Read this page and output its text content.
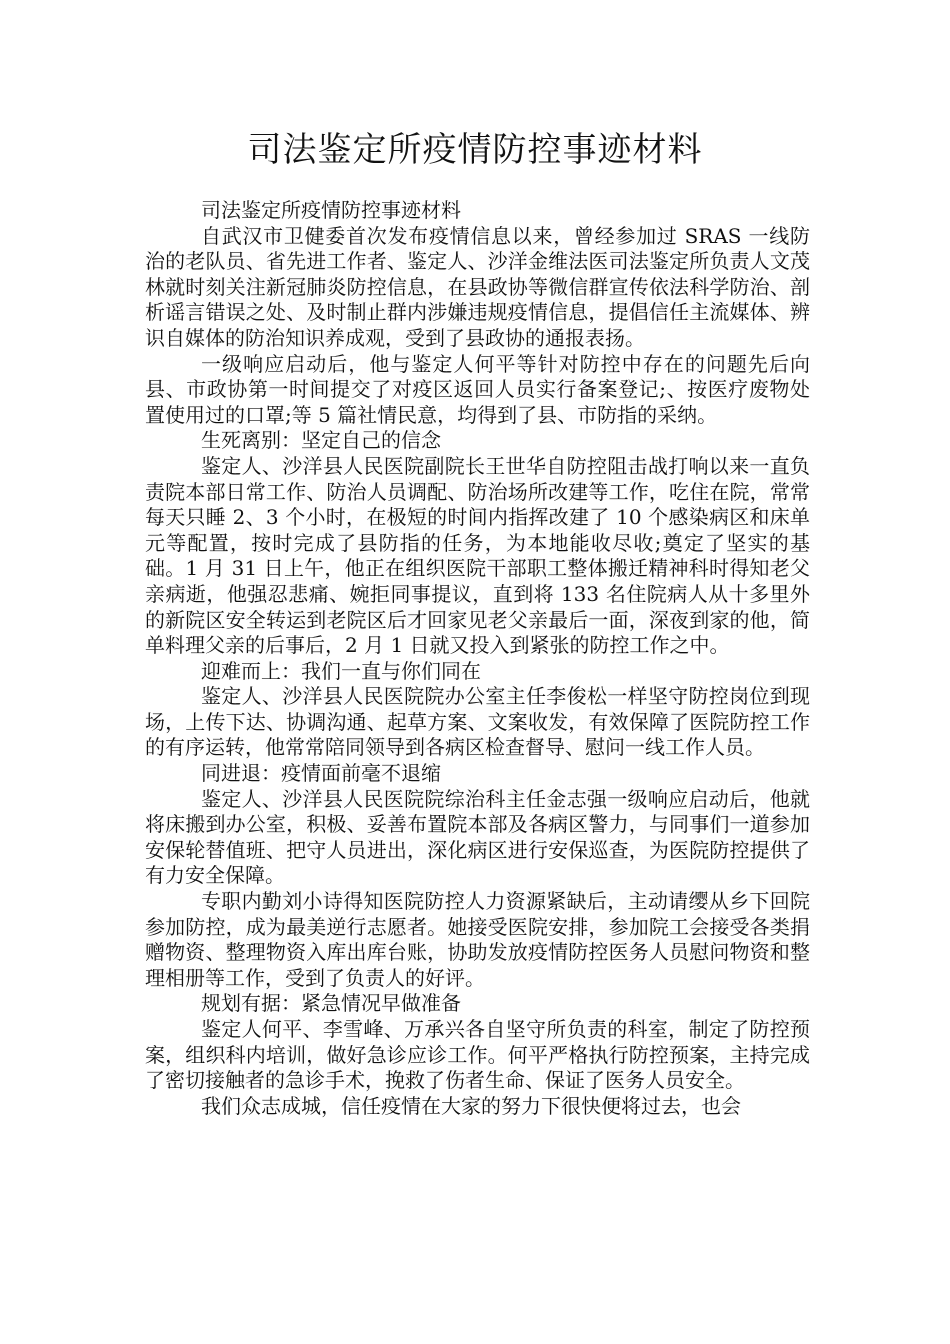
司法鉴定所疫情防控事迹材料

司法鉴定所疫情防控事迹材料

自武汉市卫健委首次发布疫情信息以来，曾经参加过 SRAS 一线防治的老队员、省先进工作者、鉴定人、沙洋金维法医司法鉴定所负责人文茂林就时刻关注新冠肺炎防控信息，在县政协等微信群宣传依法科学防治、剖析谣言错误之处、及时制止群内涉嫌违规疫情信息，提倡信任主流媒体、辨识自媒体的防治知识养成观，受到了县政协的通报表扬。

一级响应启动后，他与鉴定人何平等针对防控中存在的问题先后向县、市政协第一时间提交了对疫区返回人员实行备案登记;、按医疗废物处置使用过的口罩;等 5 篇社情民意，均得到了县、市防指的采纳。

生死离别：坚定自己的信念

鉴定人、沙洋县人民医院副院长王世华自防控阻击战打响以来一直负责院本部日常工作、防治人员调配、防治场所改建等工作，吃住在院，常常每天只睡 2、3 个小时，在极短的时间内指挥改建了 10 个感染病区和床单元等配置，按时完成了县防指的任务，为本地能收尽收;奠定了坚实的基础。1 月 31 日上午，他正在组织医院干部职工整体搬迁精神科时得知老父亲病逝，他强忍悲痛、婉拒同事提议，直到将 133 名住院病人从十多里外的新院区安全转运到老院区后才回家见老父亲最后一面，深夜到家的他，简单料理父亲的后事后，2 月 1 日就又投入到紧张的防控工作之中。

迎难而上：我们一直与你们同在

鉴定人、沙洋县人民医院院办公室主任李俊松一样坚守防控岗位到现场，上传下达、协调沟通、起草方案、文案收发，有效保障了医院防控工作的有序运转，他常常陪同领导到各病区检查督导、慰问一线工作人员。

同进退：疫情面前毫不退缩

鉴定人、沙洋县人民医院院综治科主任金志强一级响应启动后，他就将床搬到办公室，积极、妥善布置院本部及各病区警力，与同事们一道参加安保轮替值班、把守人员进出，深化病区进行安保巡查，为医院防控提供了有力安全保障。

专职内勤刘小诗得知医院防控人力资源紧缺后，主动请缨从乡下回院参加防控，成为最美逆行志愿者。她接受医院安排，参加院工会接受各类捐赠物资、整理物资入库出库台账，协助发放疫情防控医务人员慰问物资和整理相册等工作，受到了负责人的好评。

规划有据：紧急情况早做准备

鉴定人何平、李雪峰、万承兴各自坚守所负责的科室，制定了防控预案，组织科内培训，做好急诊应诊工作。何平严格执行防控预案，主持完成了密切接触者的急诊手术，挽救了伤者生命、保证了医务人员安全。

我们众志成城，信任疫情在大家的努力下很快便将过去，也会
